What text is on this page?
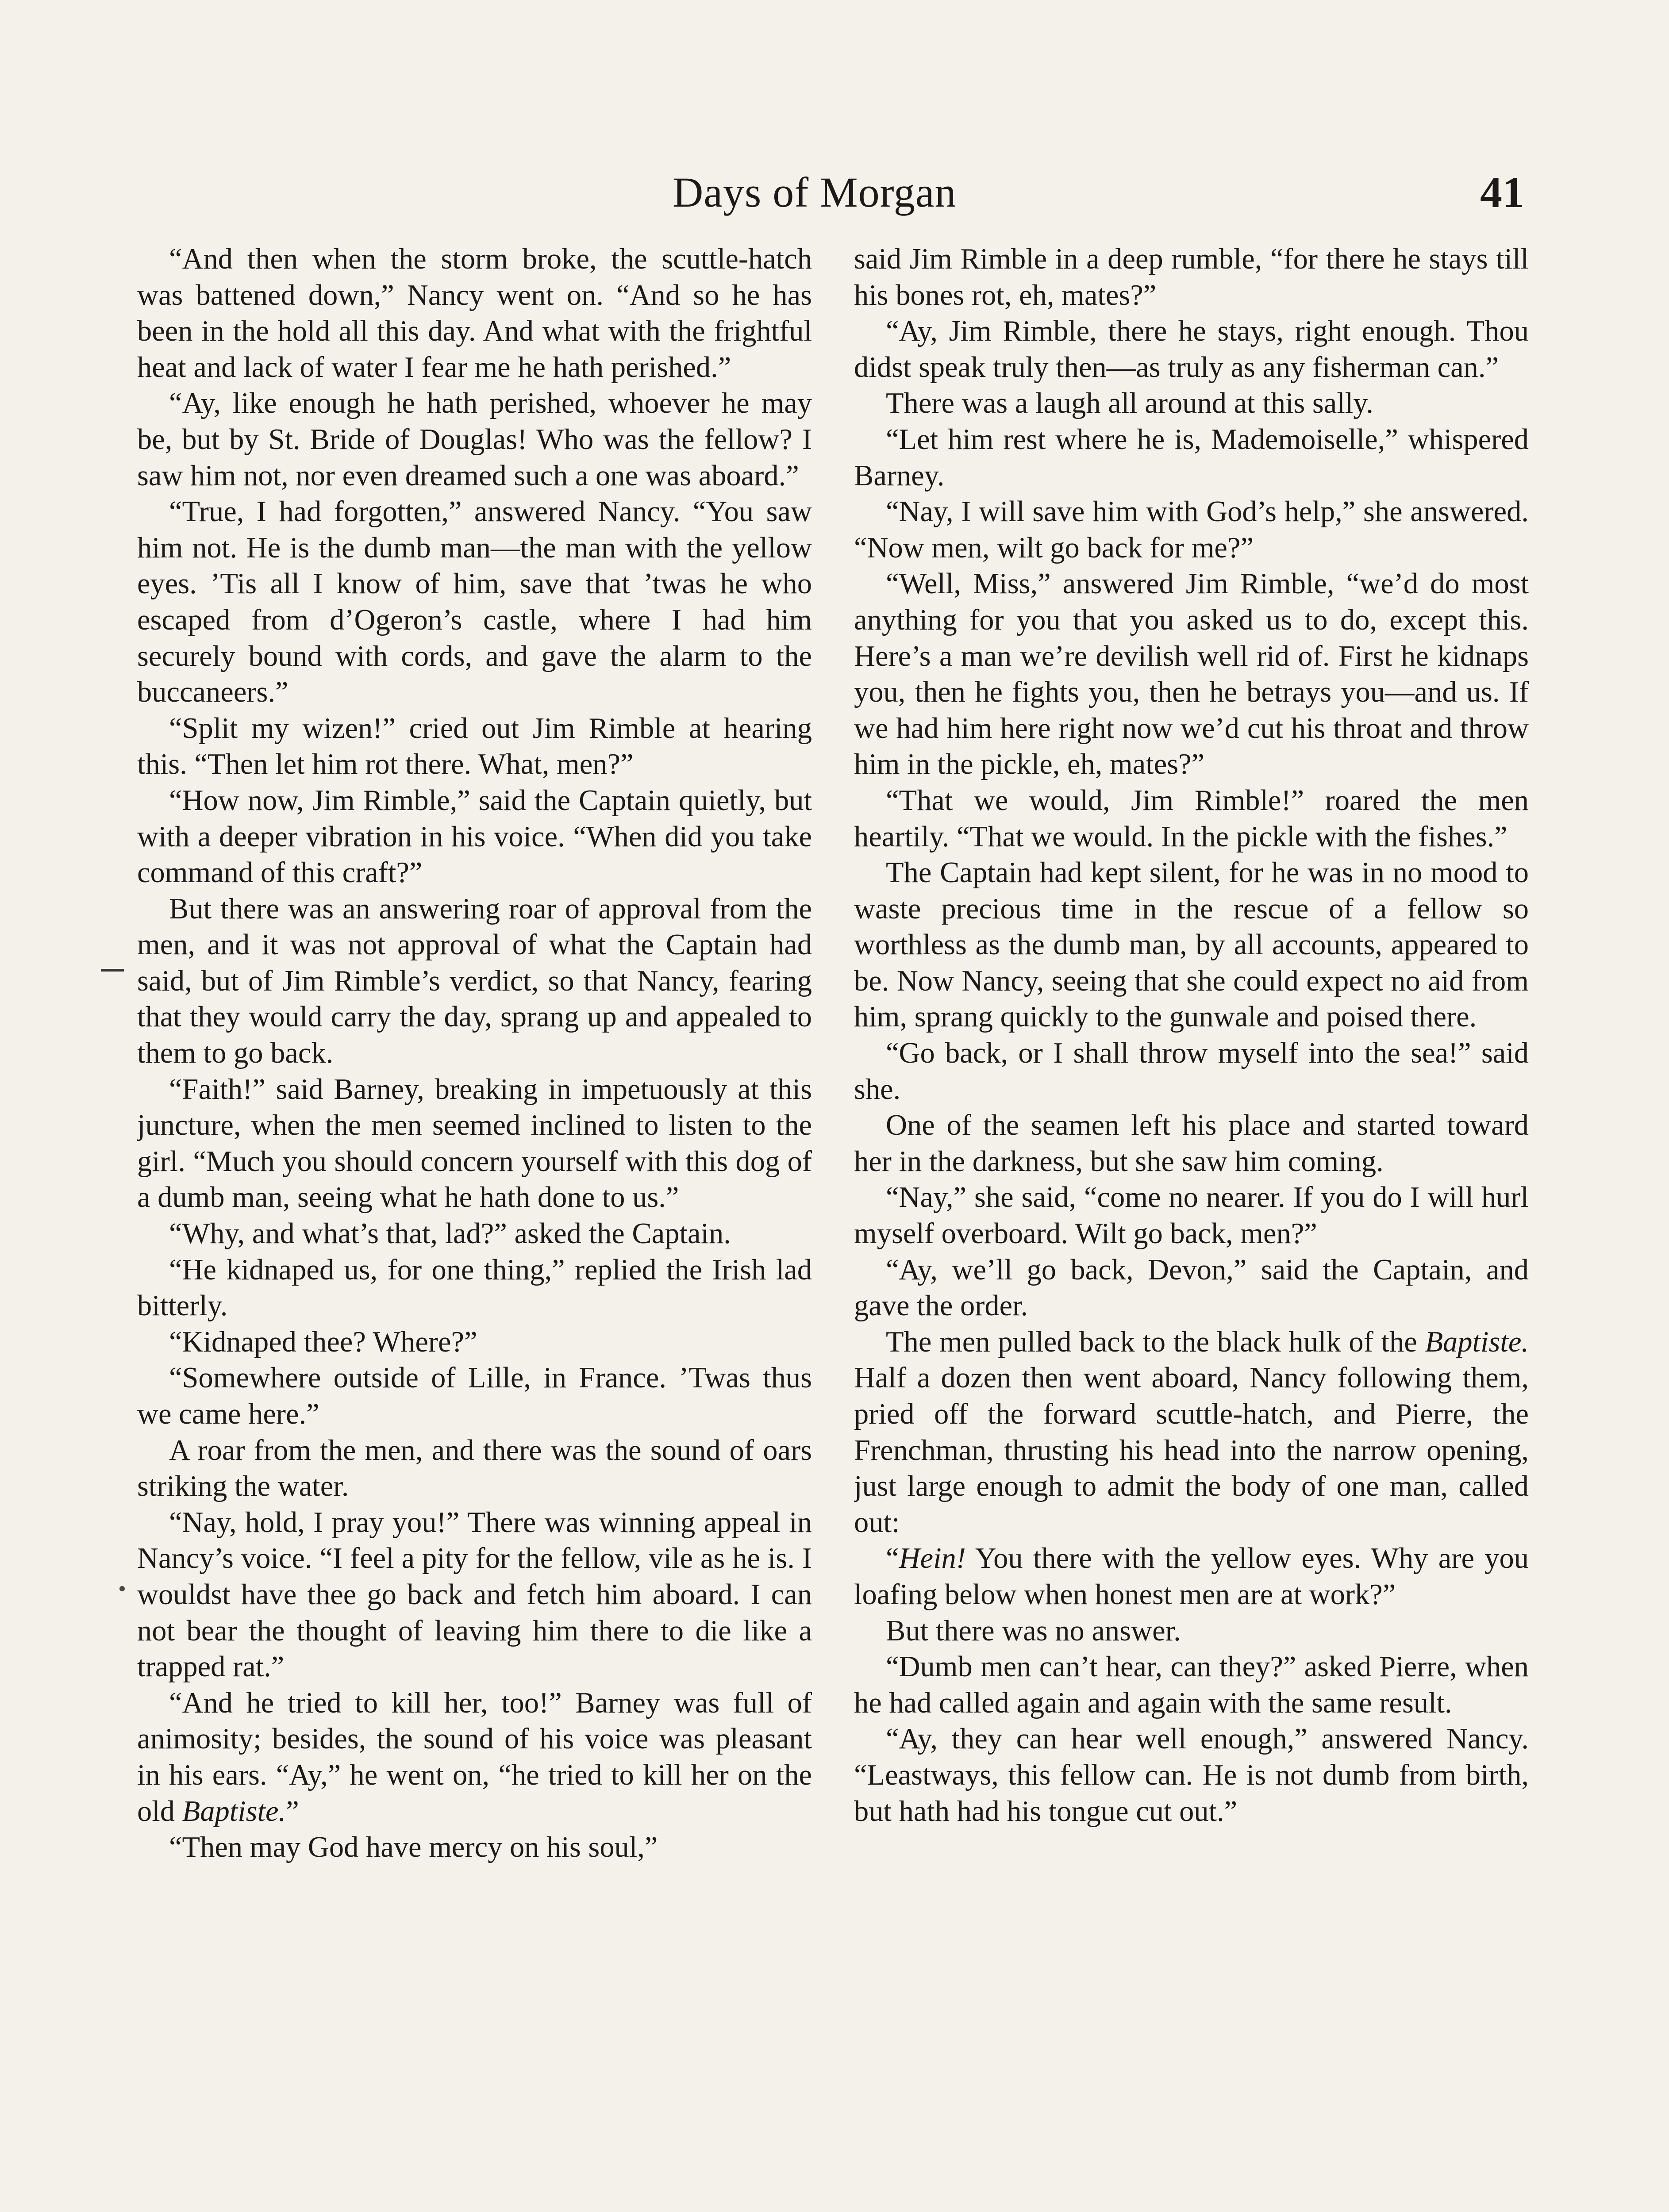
Days of Morgan	41

“And then when the storm broke, the scuttle-hatch was battened down,” Nancy went on. “And so he has been in the hold all this day. And what with the frightful heat and lack of water I fear me he hath perished.”

“Ay, like enough he hath perished, whoever he may be, but by St. Bride of Douglas! Who was the fellow? I saw him not, nor even dreamed such a one was aboard.”

“True, I had forgotten,” answered Nancy. “You saw him not. He is the dumb man—the man with the yellow eyes. ’Tis all I know of him, save that ’twas he who escaped from d’Ogeron’s castle, where I had him securely bound with cords, and gave the alarm to the buccaneers.”

“Split my wizen!” cried out Jim Rimble at hearing this. “Then let him rot there. What, men?”

“How now, Jim Rimble,” said the Captain quietly, but with a deeper vibration in his voice. “When did you take command of this craft?”

But there was an answering roar of approval from the men, and it was not approval of what the Captain had said, but of Jim Rimble’s verdict, so that Nancy, fearing that they would carry the day, sprang up and appealed to them to go back.

“Faith!” said Barney, breaking in impetuously at this juncture, when the men seemed inclined to listen to the girl. “Much you should concern yourself with this dog of a dumb man, seeing what he hath done to us.”

“Why, and what’s that, lad?” asked the Captain.

“He kidnaped us, for one thing,” replied the Irish lad bitterly.

“Kidnaped thee? Where?”

“Somewhere outside of Lille, in France. ’Twas thus we came here.”

A roar from the men, and there was the sound of oars striking the water.

“Nay, hold, I pray you!” There was winning appeal in Nancy’s voice. “I feel a pity for the fellow, vile as he is. I wouldst have thee go back and fetch him aboard. I can not bear the thought of leaving him there to die like a trapped rat.”

“And he tried to kill her, too!” Barney was full of animosity; besides, the sound of his voice was pleasant in his ears. “Ay,” he went on, “he tried to kill her on the old Baptiste.”

“Then may God have mercy on his soul,”

said Jim Rimble in a deep rumble, “for there he stays till his bones rot, eh, mates?”

“Ay, Jim Rimble, there he stays, right enough. Thou didst speak truly then—as truly as any fisherman can.”

There was a laugh all around at this sally.

“Let him rest where he is, Mademoiselle,” whispered Barney.

“Nay, I will save him with God’s help,” she answered. “Now men, wilt go back for me?”

“Well, Miss,” answered Jim Rimble, “we’d do most anything for you that you asked us to do, except this. Here’s a man we’re devilish well rid of. First he kidnaps you, then he fights you, then he betrays you—and us. If we had him here right now we’d cut his throat and throw him in the pickle, eh, mates?”

“That we would, Jim Rimble!” roared the men heartily. “That we would. In the pickle with the fishes.”

The Captain had kept silent, for he was in no mood to waste precious time in the rescue of a fellow so worthless as the dumb man, by all accounts, appeared to be. Now Nancy, seeing that she could expect no aid from him, sprang quickly to the gunwale and poised there.

“Go back, or I shall throw myself into the sea!” said she.

One of the seamen left his place and started toward her in the darkness, but she saw him coming.

“Nay,” she said, “come no nearer. If you do I will hurl myself overboard. Wilt go back, men?”

“Ay, we’ll go back, Devon,” said the Captain, and gave the order.

The men pulled back to the black hulk of the Baptiste. Half a dozen then went aboard, Nancy following them, pried off the forward scuttle-hatch, and Pierre, the Frenchman, thrusting his head into the narrow opening, just large enough to admit the body of one man, called out:

“Hein! You there with the yellow eyes. Why are you loafing below when honest men are at work?”

But there was no answer.

“Dumb men can’t hear, can they?” asked Pierre, when he had called again and again with the same result.

“Ay, they can hear well enough,” answered Nancy. “Leastways, this fellow can. He is not dumb from birth, but hath had his tongue cut out.”
